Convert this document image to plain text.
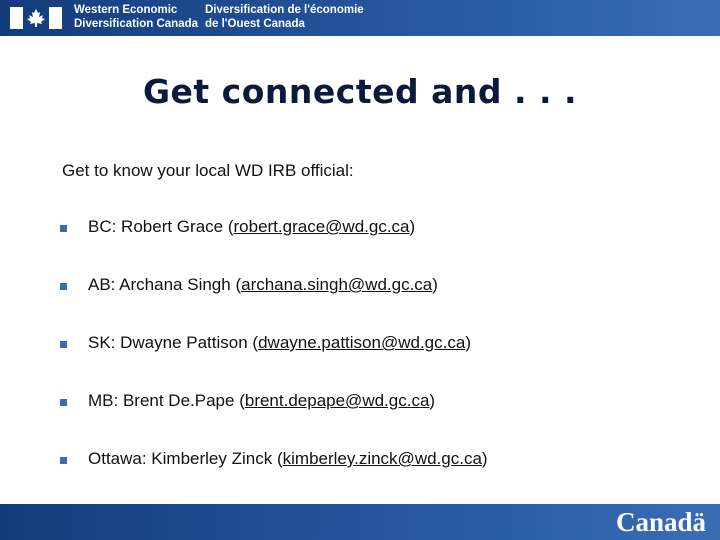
Western Economic
Diversification Canada
Diversification de l'économie
de l'Ouest Canada
Get connected and . . .
Get to know your local WD IRB official:
BC: Robert Grace (robert.grace@wd.gc.ca)
AB: Archana Singh (archana.singh@wd.gc.ca)
SK: Dwayne Pattison (dwayne.pattison@wd.gc.ca)
MB: Brent De.Pape (brent.depape@wd.gc.ca)
Ottawa: Kimberley Zinck (kimberley.zinck@wd.gc.ca)
Canadä
